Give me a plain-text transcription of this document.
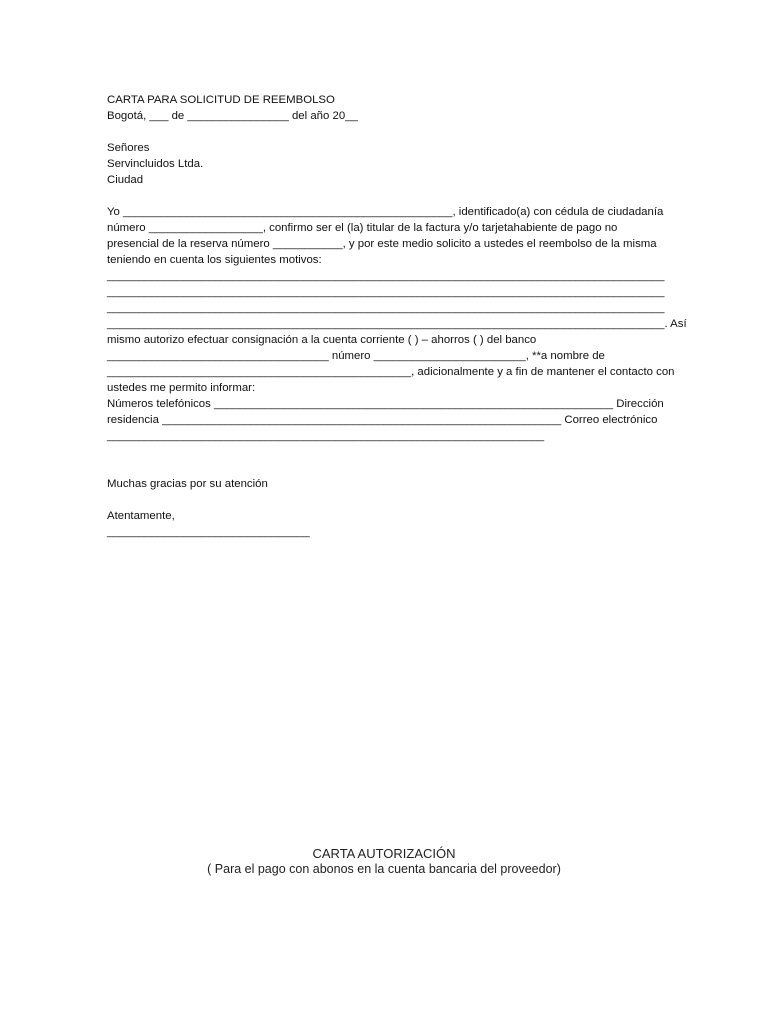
CARTA PARA SOLICITUD DE REEMBOLSO
Bogotá, ___ de ________________ del año 20__
Señores
Servincluidos Ltda.
Ciudad
Yo ____________________________________________________, identificado(a) con cédula de ciudadanía
número __________________, confirmo ser el (la) titular de la factura y/o tarjetahabiente de pago no
presencial de la reserva número ___________, y por este medio solicito a ustedes el reembolso de la misma
teniendo en cuenta los siguientes motivos:
________________________________________________________________________________________
________________________________________________________________________________________
________________________________________________________________________________________
________________________________________________________________________________________. Así
mismo autorizo efectuar consignación a la cuenta corriente ( ) – ahorros ( ) del banco
___________________________________ número ________________________, **a nombre de
________________________________________________, adicionalmente y a fin de mantener el contacto con
ustedes me permito informar:
Números telefónicos _______________________________________________________________ Dirección
residencia _______________________________________________________________ Correo electrónico
_____________________________________________________________________
Muchas gracias por su atención
Atentamente,
________________________________
CARTA AUTORIZACIÓN
( Para el pago con abonos en la cuenta bancaria del proveedor)
